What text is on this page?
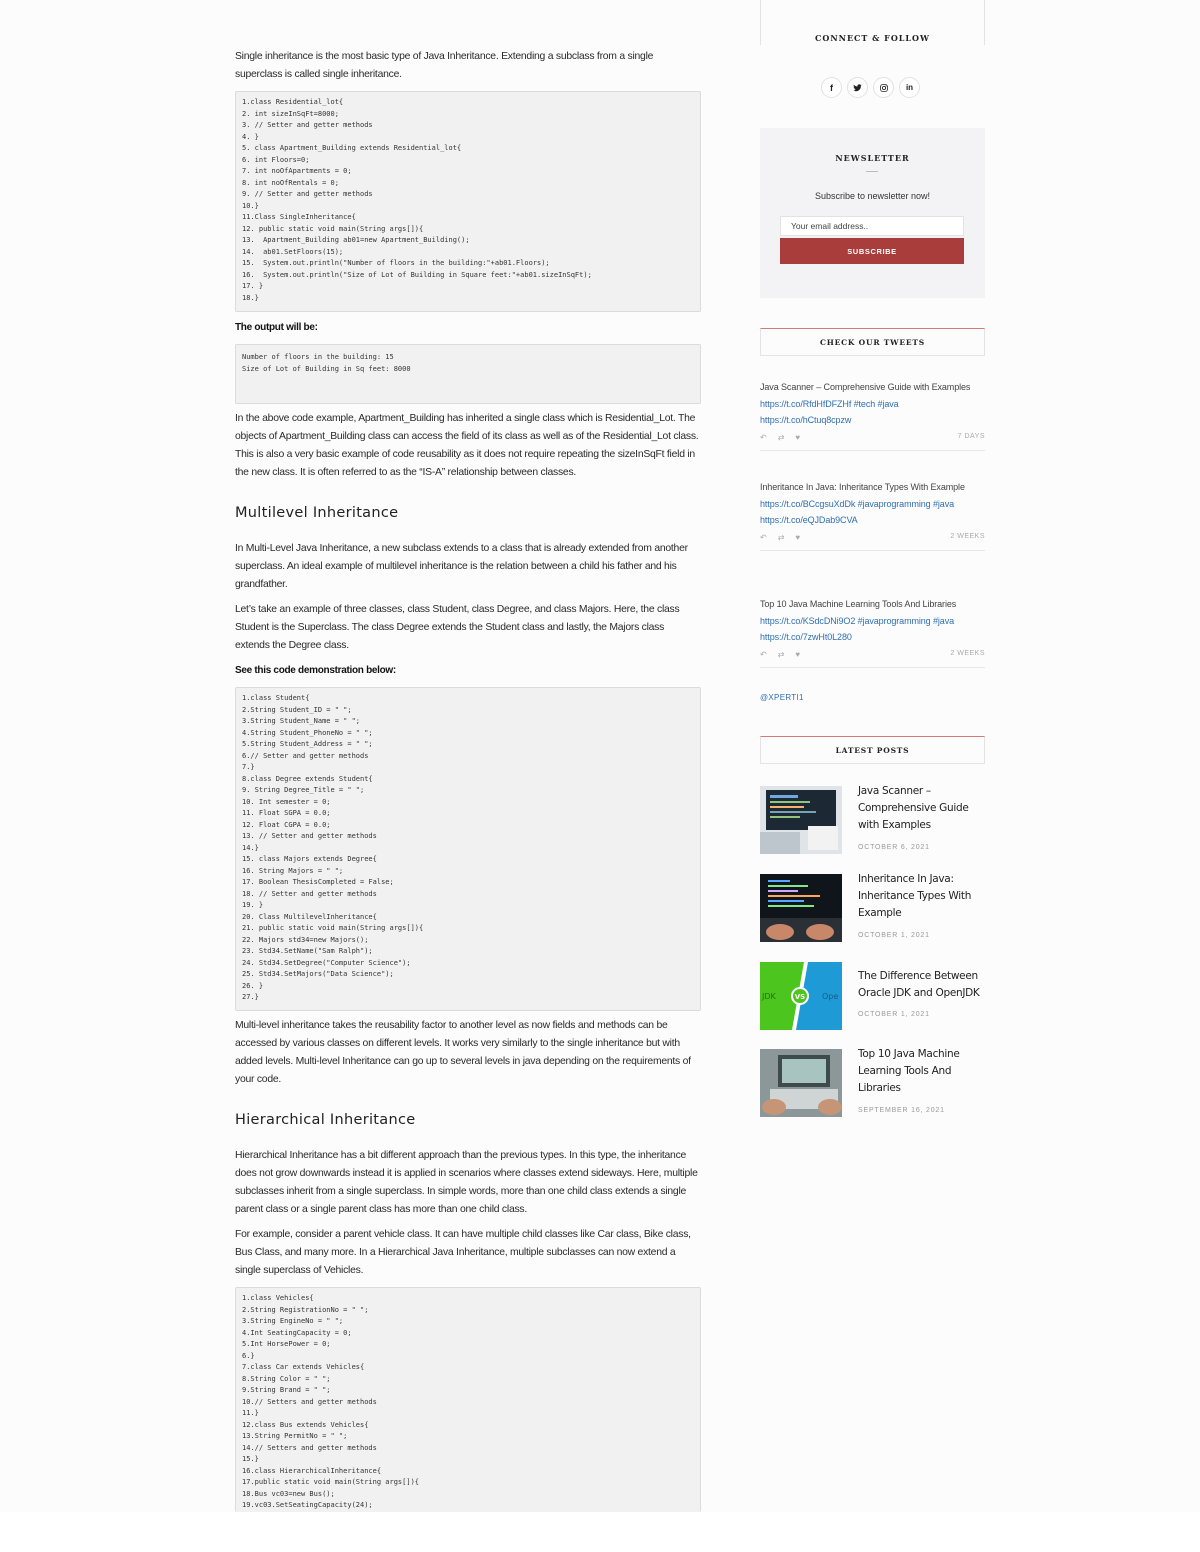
Single inheritance is the most basic type of Java Inheritance. Extending a subclass from a single superclass is called single inheritance.

1.class Residential_lot{
2. int sizeInSqFt=8000;
3. // Setter and getter methods
4. }
5. class Apartment_Building extends Residential_lot{
6. int Floors=0;
7. int noOfApartments = 0;
8. int noOfRentals = 0;
9. // Setter and getter methods
10.}
11.Class SingleInheritance{
12. public static void main(String args[]){
13.  Apartment_Building ab01=new Apartment_Building();
14.  ab01.SetFloors(15);
15.  System.out.println("Number of floors in the building:"+ab01.Floors);
16.  System.out.println("Size of Lot of Building in Square feet:"+ab01.sizeInSqFt);
17. }
18.}
The output will be:
Number of floors in the building: 15
Size of Lot of Building in Sq feet: 8000

In the above code example, Apartment_Building has inherited a single class which is Residential_Lot. The objects of Apartment_Building class can access the field of its class as well as of the Residential_Lot class. This is also a very basic example of code reusability as it does not require repeating the sizeInSqFt field in the new class. It is often referred to as the “IS-A” relationship between classes.

Multilevel Inheritance

In Multi-Level Java Inheritance, a new subclass extends to a class that is already extended from another superclass. An ideal example of multilevel inheritance is the relation between a child his father and his grandfather.

Let’s take an example of three classes, class Student, class Degree, and class Majors. Here, the class Student is the Superclass. The class Degree extends the Student class and lastly, the Majors class extends the Degree class.

See this code demonstration below:
1.class Student{
2.String Student_ID = " ";
3.String Student_Name = " ";
4.String Student_PhoneNo = " ";
5.String Student_Address = " ";
6.// Setter and getter methods
7.}
8.class Degree extends Student{
9. String Degree_Title = " ";
10. Int semester = 0;
11. Float SGPA = 0.0;
12. Float CGPA = 0.0;
13. // Setter and getter methods
14.}
15. class Majors extends Degree{
16. String Majors = " ";
17. Boolean ThesisCompleted = False;
18. // Setter and getter methods
19. }
20. Class MultilevelInheritance{
21. public static void main(String args[]){
22. Majors std34=new Majors();
23. Std34.SetName("Sam Ralph");
24. Std34.SetDegree("Computer Science");
25. Std34.SetMajors("Data Science");
26. }
27.}

Multi-level inheritance takes the reusability factor to another level as now fields and methods can be accessed by various classes on different levels. It works very similarly to the single inheritance but with added levels. Multi-level Inheritance can go up to several levels in java depending on the requirements of your code.

Hierarchical Inheritance

Hierarchical Inheritance has a bit different approach than the previous types. In this type, the inheritance does not grow downwards instead it is applied in scenarios where classes extend sideways. Here, multiple subclasses inherit from a single superclass. In simple words, more than one child class extends a single parent class or a single parent class has more than one child class.

For example, consider a parent vehicle class. It can have multiple child classes like Car class, Bike class, Bus Class, and many more. In a Hierarchical Java Inheritance, multiple subclasses can now extend a single superclass of Vehicles.

1.class Vehicles{
2.String RegistrationNo = " ";
3.String EngineNo = " ";
4.Int SeatingCapacity = 0;
5.Int HorsePower = 0;
6.}
7.class Car extends Vehicles{
8.String Color = " ";
9.String Brand = " ";
10.// Setters and getter methods
11.}
12.class Bus extends Vehicles{
13.String PermitNo = " ";
14.// Setters and getter methods
15.}
16.class HierarchicalInheritance{
17.public static void main(String args[]){
18.Bus vc03=new Bus();
19.vc03.SetSeatingCapacity(24);
CONNECT & FOLLOW
f	in
NEWSLETTER
Subscribe to newsletter now!
Your email address..
SUBSCRIBE
CHECK OUR TWEETS
Java Scanner – Comprehensive Guide with Examples https://t.co/RfdHfDFZHf #tech #java https://t.co/hCtuq8cpzw
↶ ⇄ ♥	7 DAYS
Inheritance In Java: Inheritance Types With Example https://t.co/BCcgsuXdDk #javaprogramming #java https://t.co/eQJDab9CVA
↶ ⇄ ♥	2 WEEKS
Top 10 Java Machine Learning Tools And Libraries https://t.co/KSdcDNi9O2 #javaprogramming #java https://t.co/7zwHt0L280
↶ ⇄ ♥	2 WEEKS
@XPERTI1
LATEST POSTS
Java Scanner – Comprehensive Guide with Examples
OCTOBER 6, 2021
Inheritance In Java: Inheritance Types With Example
OCTOBER 1, 2021
VS
JDK	Ope
The Difference Between Oracle JDK and OpenJDK
OCTOBER 1, 2021
Top 10 Java Machine Learning Tools And Libraries
SEPTEMBER 16, 2021
